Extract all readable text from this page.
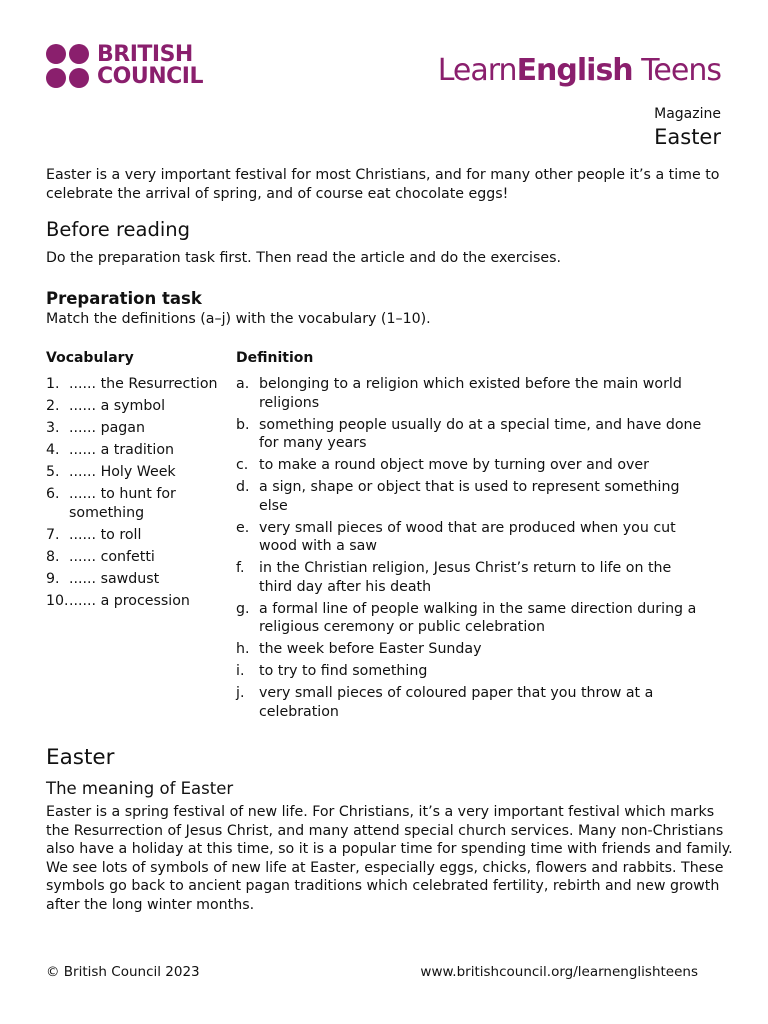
BRITISH
COUNCIL	LearnEnglish Teens
Magazine
Easter
Easter is a very important festival for most Christians, and for many other people it’s a time to celebrate the arrival of spring, and of course eat chocolate eggs!
Before reading
Do the preparation task first. Then read the article and do the exercises.
Preparation task
Match the definitions (a–j) with the vocabulary (1–10).
Vocabulary	Definition
1. ...... the Resurrection
2. ...... a symbol
3. ...... pagan
4. ...... a tradition
5. ...... Holy Week
6. ...... to hunt for something
7. ...... to roll
8. ...... confetti
9. ...... sawdust
10. ...... a procession
a. belonging to a religion which existed before the main world religions
b. something people usually do at a special time, and have done for many years
c. to make a round object move by turning over and over
d. a sign, shape or object that is used to represent something else
e. very small pieces of wood that are produced when you cut wood with a saw
f. in the Christian religion, Jesus Christ’s return to life on the third day after his death
g. a formal line of people walking in the same direction during a religious ceremony or public celebration
h. the week before Easter Sunday
i. to try to find something
j. very small pieces of coloured paper that you throw at a celebration
Easter
The meaning of Easter
Easter is a spring festival of new life. For Christians, it’s a very important festival which marks the Resurrection of Jesus Christ, and many attend special church services. Many non-Christians also have a holiday at this time, so it is a popular time for spending time with friends and family. We see lots of symbols of new life at Easter, especially eggs, chicks, flowers and rabbits. These symbols go back to ancient pagan traditions which celebrated fertility, rebirth and new growth after the long winter months.
© British Council 2023	www.britishcouncil.org/learnenglishteens
